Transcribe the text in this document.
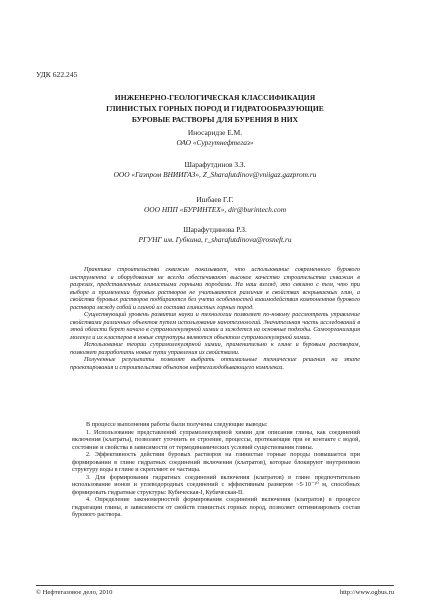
УДК 622.245
ИНЖЕНЕРНО-ГЕОЛОГИЧЕСКАЯ КЛАССИФИКАЦИЯ
ГЛИНИСТЫХ ГОРНЫХ ПОРОД И ГИДРАТООБРАЗУЮЩИЕ
БУРОВЫЕ РАСТВОРЫ ДЛЯ БУРЕНИЯ В НИХ
Иносаридзе Е.М.
ОАО «Сургутнефтегаз»
Шарафутдинов З.З.
ООО «Газпром ВНИИГАЗ», Z_Sharafutdinov@vniigaz.gazprom.ru
Ишбаев Г.Г.
ООО НПП «БУРИНТЕХ», dir@burintech.com
Шарафутдинова Р.З.
РГУНГ им. Губкина, r_sharafutdinova@rosneft.ru

Практика строительства скважин показывает, что использование современного бурового инструмента и оборудования не всегда обеспечивают высокое качество строительства скважин в разрезах, представленных глинистыми горными породами. На наш взгляд, это связано с тем, что при выборе и применении буровых растворов не учитываются различия в свойствах вскрываемых глин, а свойства буровых растворов подбираются без учета особенностей взаимодействия компонентов бурового раствора между собой и глиной из состава глинистых горных пород.

Существующий уровень развития науки и технологии позволяет по-новому рассмотреть управление свойствами различных объектов путем использования нанотехнологий. Значительная часть исследований в этой области берет начало в супрамолекулярной химии и зиждется на основные подходы. Самоорганизация молекул и их кластеров в новые структуры являются объектом супрамолекулярной химии.

Использование теории супрамолекулярной химии, применительно к глине и буровым растворам, позволяет разработать новые пути управления их свойствами.

Полученные результаты позволят выбрать оптимальные технические решения на этапе проектирования и строительства объектов нефтегазодобывающего комплекса.

В процессе выполнения работы были получены следующие выводы:

1. Использование представлений супрамолекулярной химии для описания глины, как соединений включения (клатраты), позволяет уточнить ее строение, процессы, протекающие при ее контакте с водой, состояние и свойства в зависимости от термодинамических условий существования глины.

2. Эффективность действия буровых растворов на глинистые горные породы повышается при формировании в глине гидратных соединений включения (клатратов), которые блокируют внутреннюю структуру воды в глине и скрепляют ее частицы.

3. Для формирования гидратных соединений включения (клатратов) в глине предпочтительно использование ионов и углеводородных соединений с эффективным размером ~5·10⁻¹⁰ м, способных формировать гидратные структуры: Кубическая-I, Кубическая-II.

4. Определение закономерностей формирования соединений включения (клатратов) в процессе гидратации глины, в зависимости от свойств глинистых горных пород, позволяет оптимизировать состав бурового раствора.

© Нефтегазовое дело, 2010	http://www.ogbus.ru
